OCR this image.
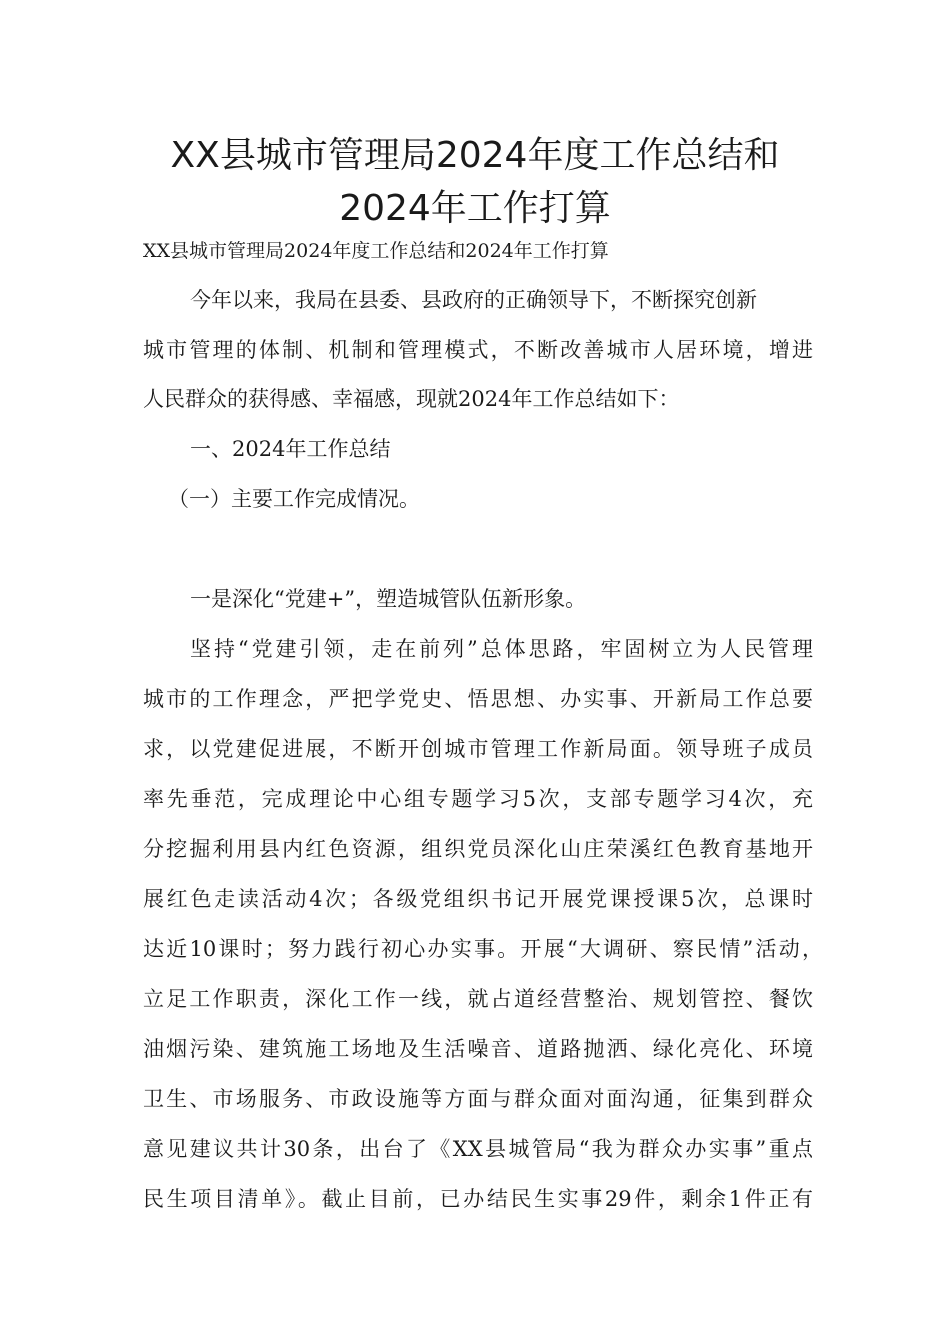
XX县城市管理局2024年度工作总结和
2024年工作打算

XX县城市管理局2024年度工作总结和2024年工作打算

今年以来，我局在县委、县政府的正确领导下，不断探究创新

城市管理的体制、机制和管理模式，不断改善城市人居环境，增进

人民群众的获得感、幸福感，现就2024年工作总结如下：

一、2024年工作总结

（一）主要工作完成情况。

一是深化“党建+”，塑造城管队伍新形象。

坚持“党建引领，走在前列”总体思路，牢固树立为人民管理

城市的工作理念，严把学党史、悟思想、办实事、开新局工作总要

求，以党建促进展，不断开创城市管理工作新局面。领导班子成员

率先垂范，完成理论中心组专题学习5次，支部专题学习4次，充

分挖掘利用县内红色资源，组织党员深化山庄荣溪红色教育基地开

展红色走读活动4次；各级党组织书记开展党课授课5次，总课时

达近10课时；努力践行初心办实事。开展“大调研、察民情”活动，

立足工作职责，深化工作一线，就占道经营整治、规划管控、餐饮

油烟污染、建筑施工场地及生活噪音、道路抛洒、绿化亮化、环境

卫生、市场服务、市政设施等方面与群众面对面沟通，征集到群众

意见建议共计30条，出台了《XX县城管局“我为群众办实事”重点

民生项目清单》。截止目前，已办结民生实事29件，剩余1件正有
